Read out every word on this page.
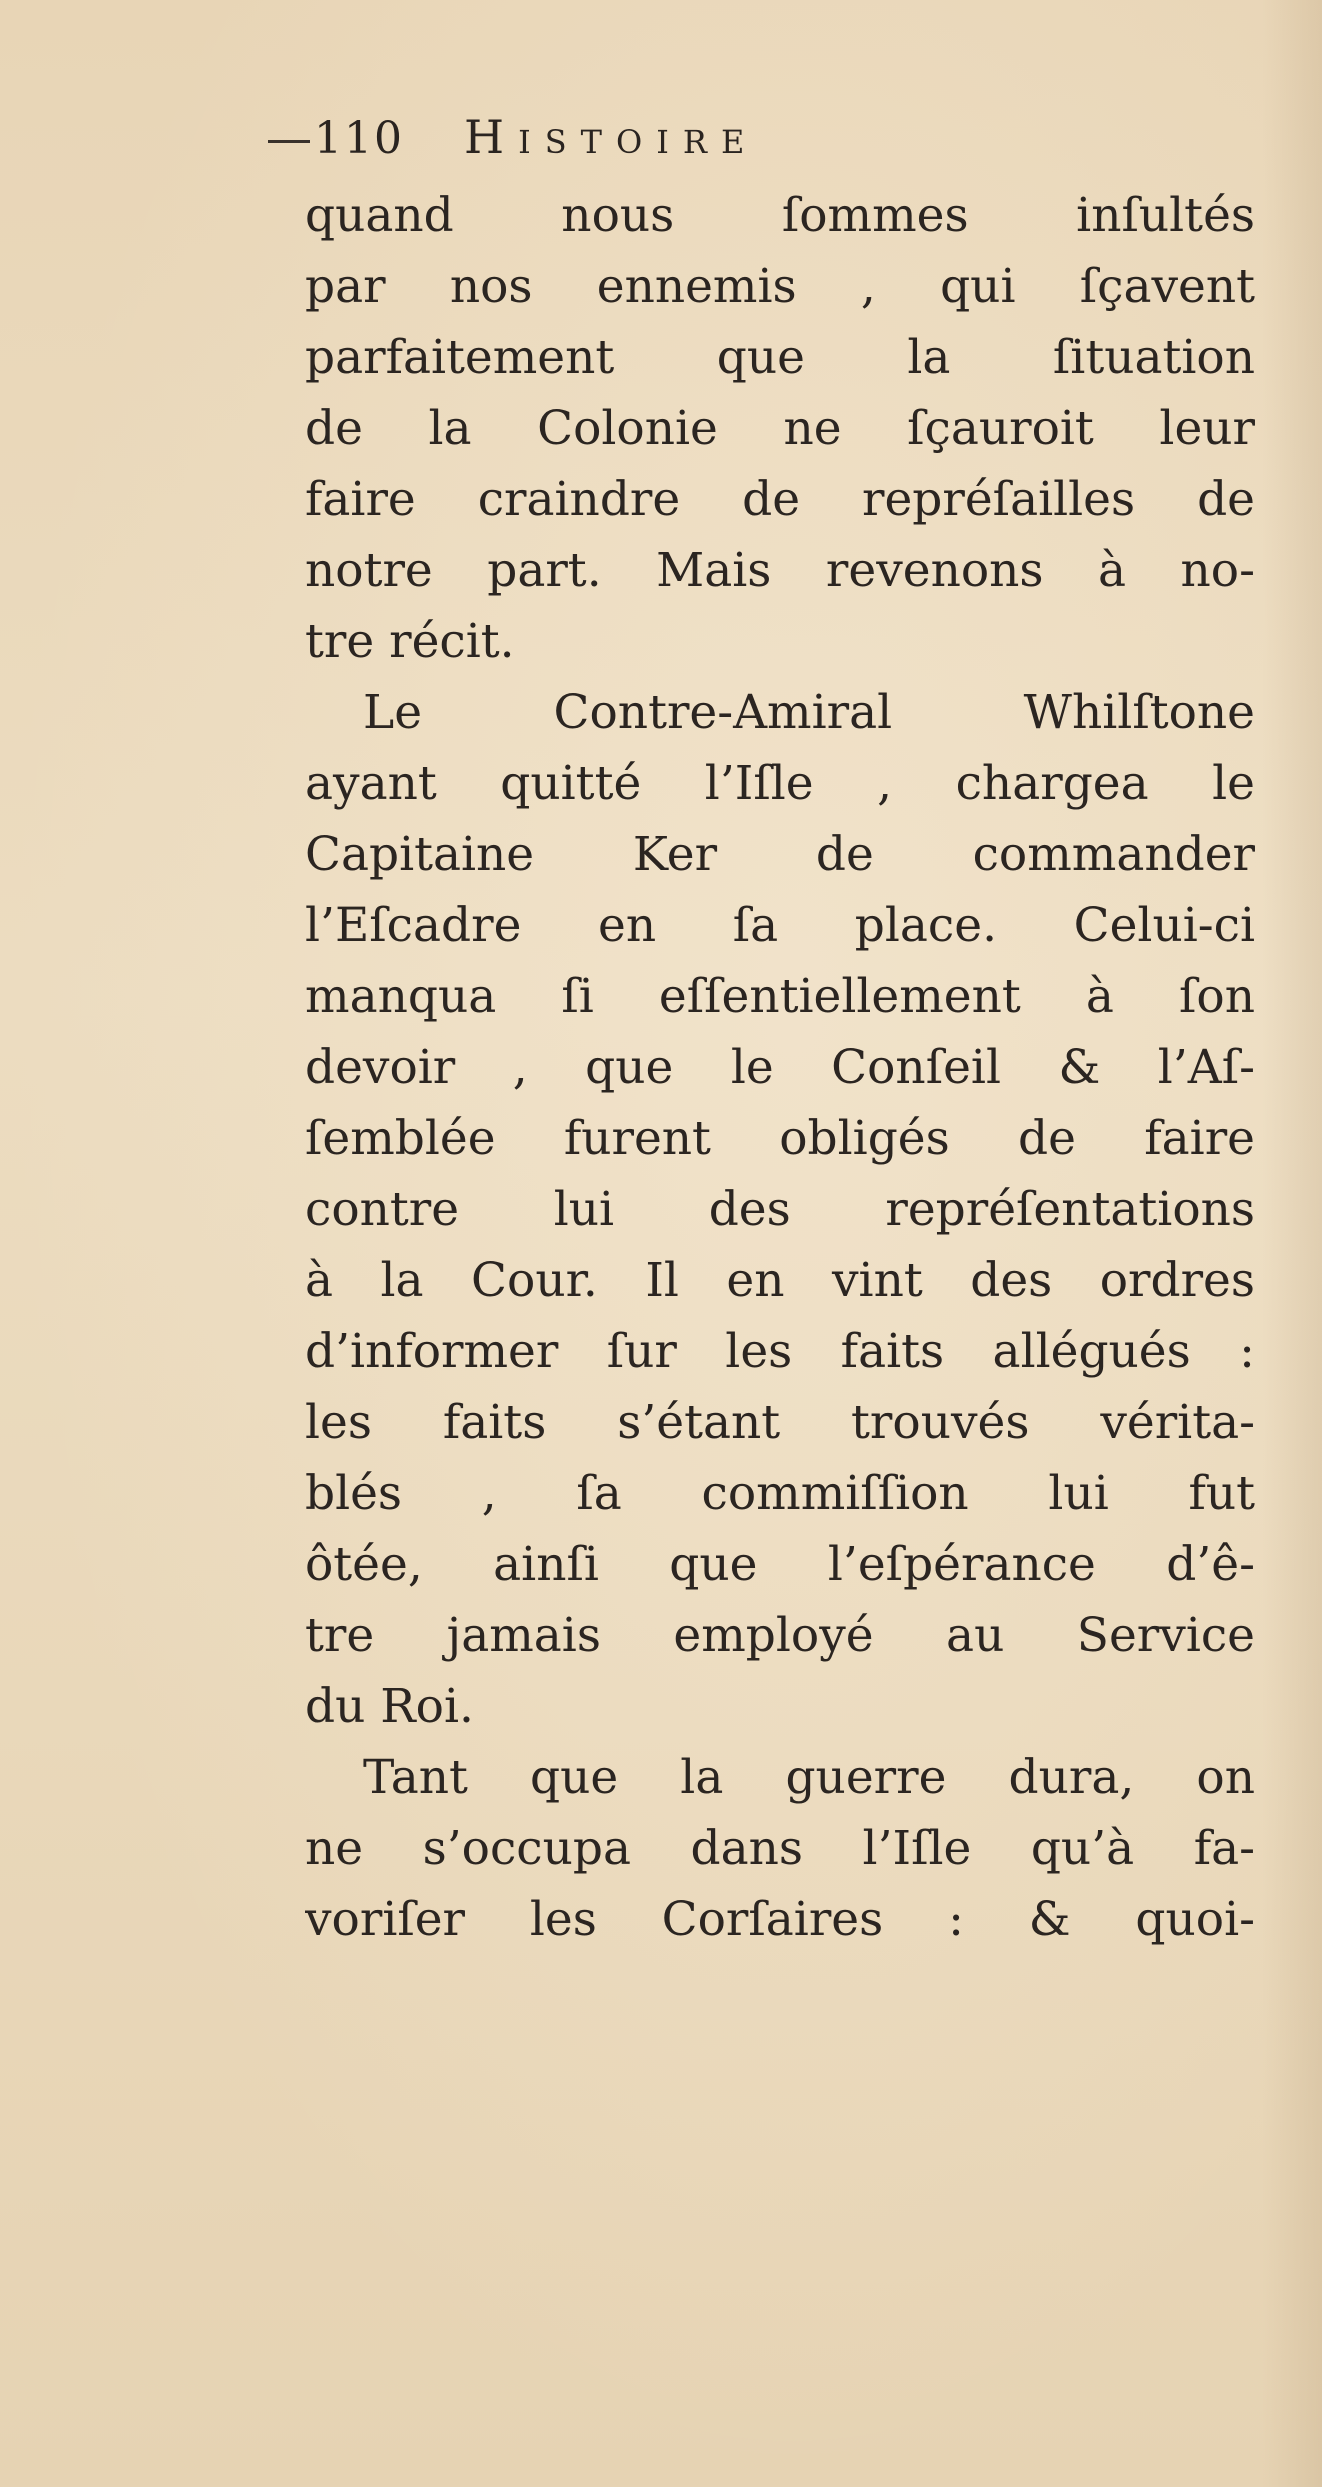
110 Histoire
quand nous ſommes inſultés
par nos ennemis , qui ſçavent
parfaitement que la ſituation
de la Colonie ne ſçauroit leur
faire craindre de repréſailles de
notre part. Mais revenons à no-
tre récit.
Le Contre-Amiral Whilſtone
ayant quitté l’Iſle , chargea le
Capitaine Ker de commander
l’Eſcadre en ſa place. Celui-ci
manqua ſi eſſentiellement à ſon
devoir , que le Conſeil & l’Aſ-
ſemblée furent obligés de faire
contre lui des repréſentations
à la Cour. Il en vint des ordres
d’informer ſur les faits allégués :
les faits s’étant trouvés vérita-
blés , ſa commiſſion lui fut
ôtée, ainſi que l’eſpérance d’ê-
tre jamais employé au Service
du Roi.
Tant que la guerre dura, on
ne s’occupa dans l’Iſle qu’à fa-
voriſer les Corſaires : & quoi-
